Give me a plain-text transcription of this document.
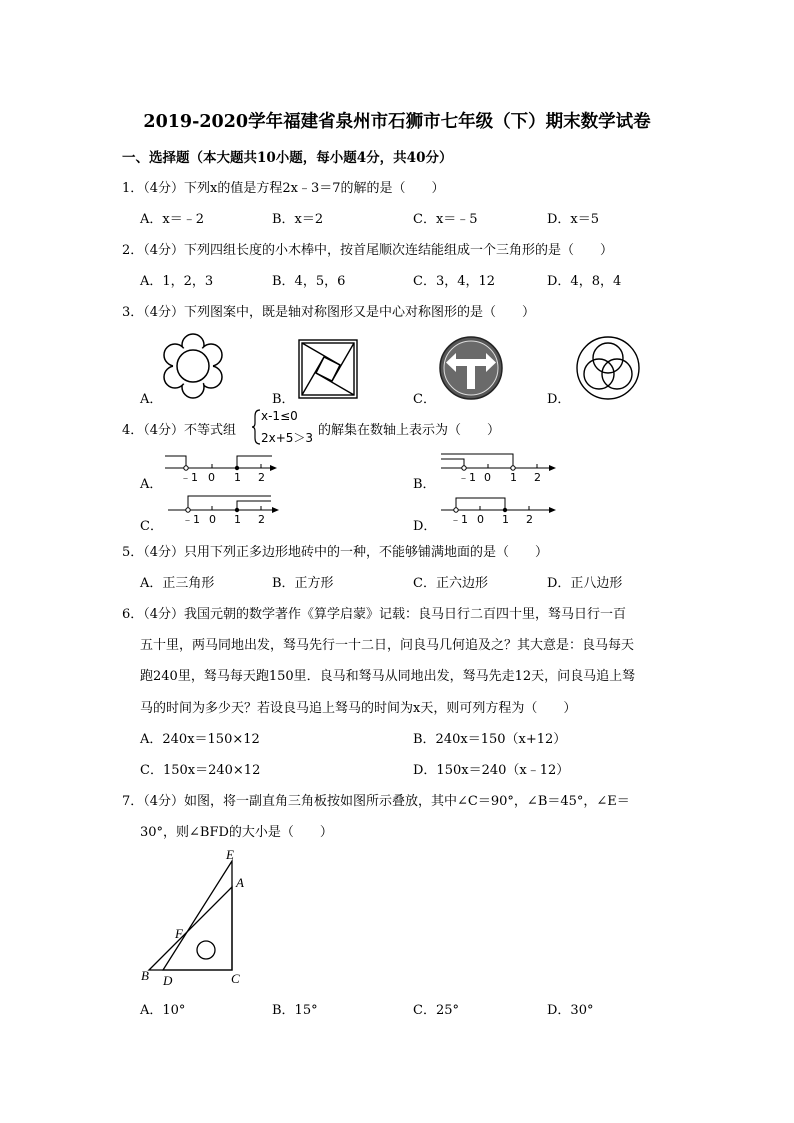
2019-2020学年福建省泉州市石狮市七年级（下）期末数学试卷
一、选择题（本大题共10小题，每小题4分，共40分）
1．（4分）下列x的值是方程2x﹣3＝7的解的是（　　）
A．x＝﹣2	B．x＝2	C．x＝﹣5	D．x＝5
2．（4分）下列四组长度的小木棒中，按首尾顺次连结能组成一个三角形的是（　　）
A．1，2，3	B．4，5，6	C．3，4，12	D．4，8，4
3．（4分）下列图案中，既是轴对称图形又是中心对称图形的是（　　）
A．	B．	C．	D．
4．（4分）不等式组
x-1≤0
2x+5＞3 的解集在数轴上表示为（　　）
A． ﹣1 0 1 2	B． ﹣1 0 1 2
C． ﹣1 0 1 2	D． ﹣1 0 1 2
5．（4分）只用下列正多边形地砖中的一种，不能够铺满地面的是（　　）
A．正三角形	B．正方形	C．正六边形	D．正八边形
6．（4分）我国元朝的数学著作《算学启蒙》记载：良马日行二百四十里，驽马日行一百
五十里，两马同地出发，驽马先行一十二日，问良马几何追及之？其大意是：良马每天
跑240里，驽马每天跑150里．良马和驽马从同地出发，驽马先走12天，问良马追上驽
马的时间为多少天？若设良马追上驽马的时间为x天，则可列方程为（　　）
A．240x＝150×12	B．240x＝150（x+12）
C．150x＝240×12	D．150x＝240（x﹣12）
7．（4分）如图，将一副直角三角板按如图所示叠放，其中∠C＝90°，∠B＝45°，∠E＝
30°，则∠BFD的大小是（　　）
E
A
F
B D	C
A．10°	B．15°	C．25°	D．30°
